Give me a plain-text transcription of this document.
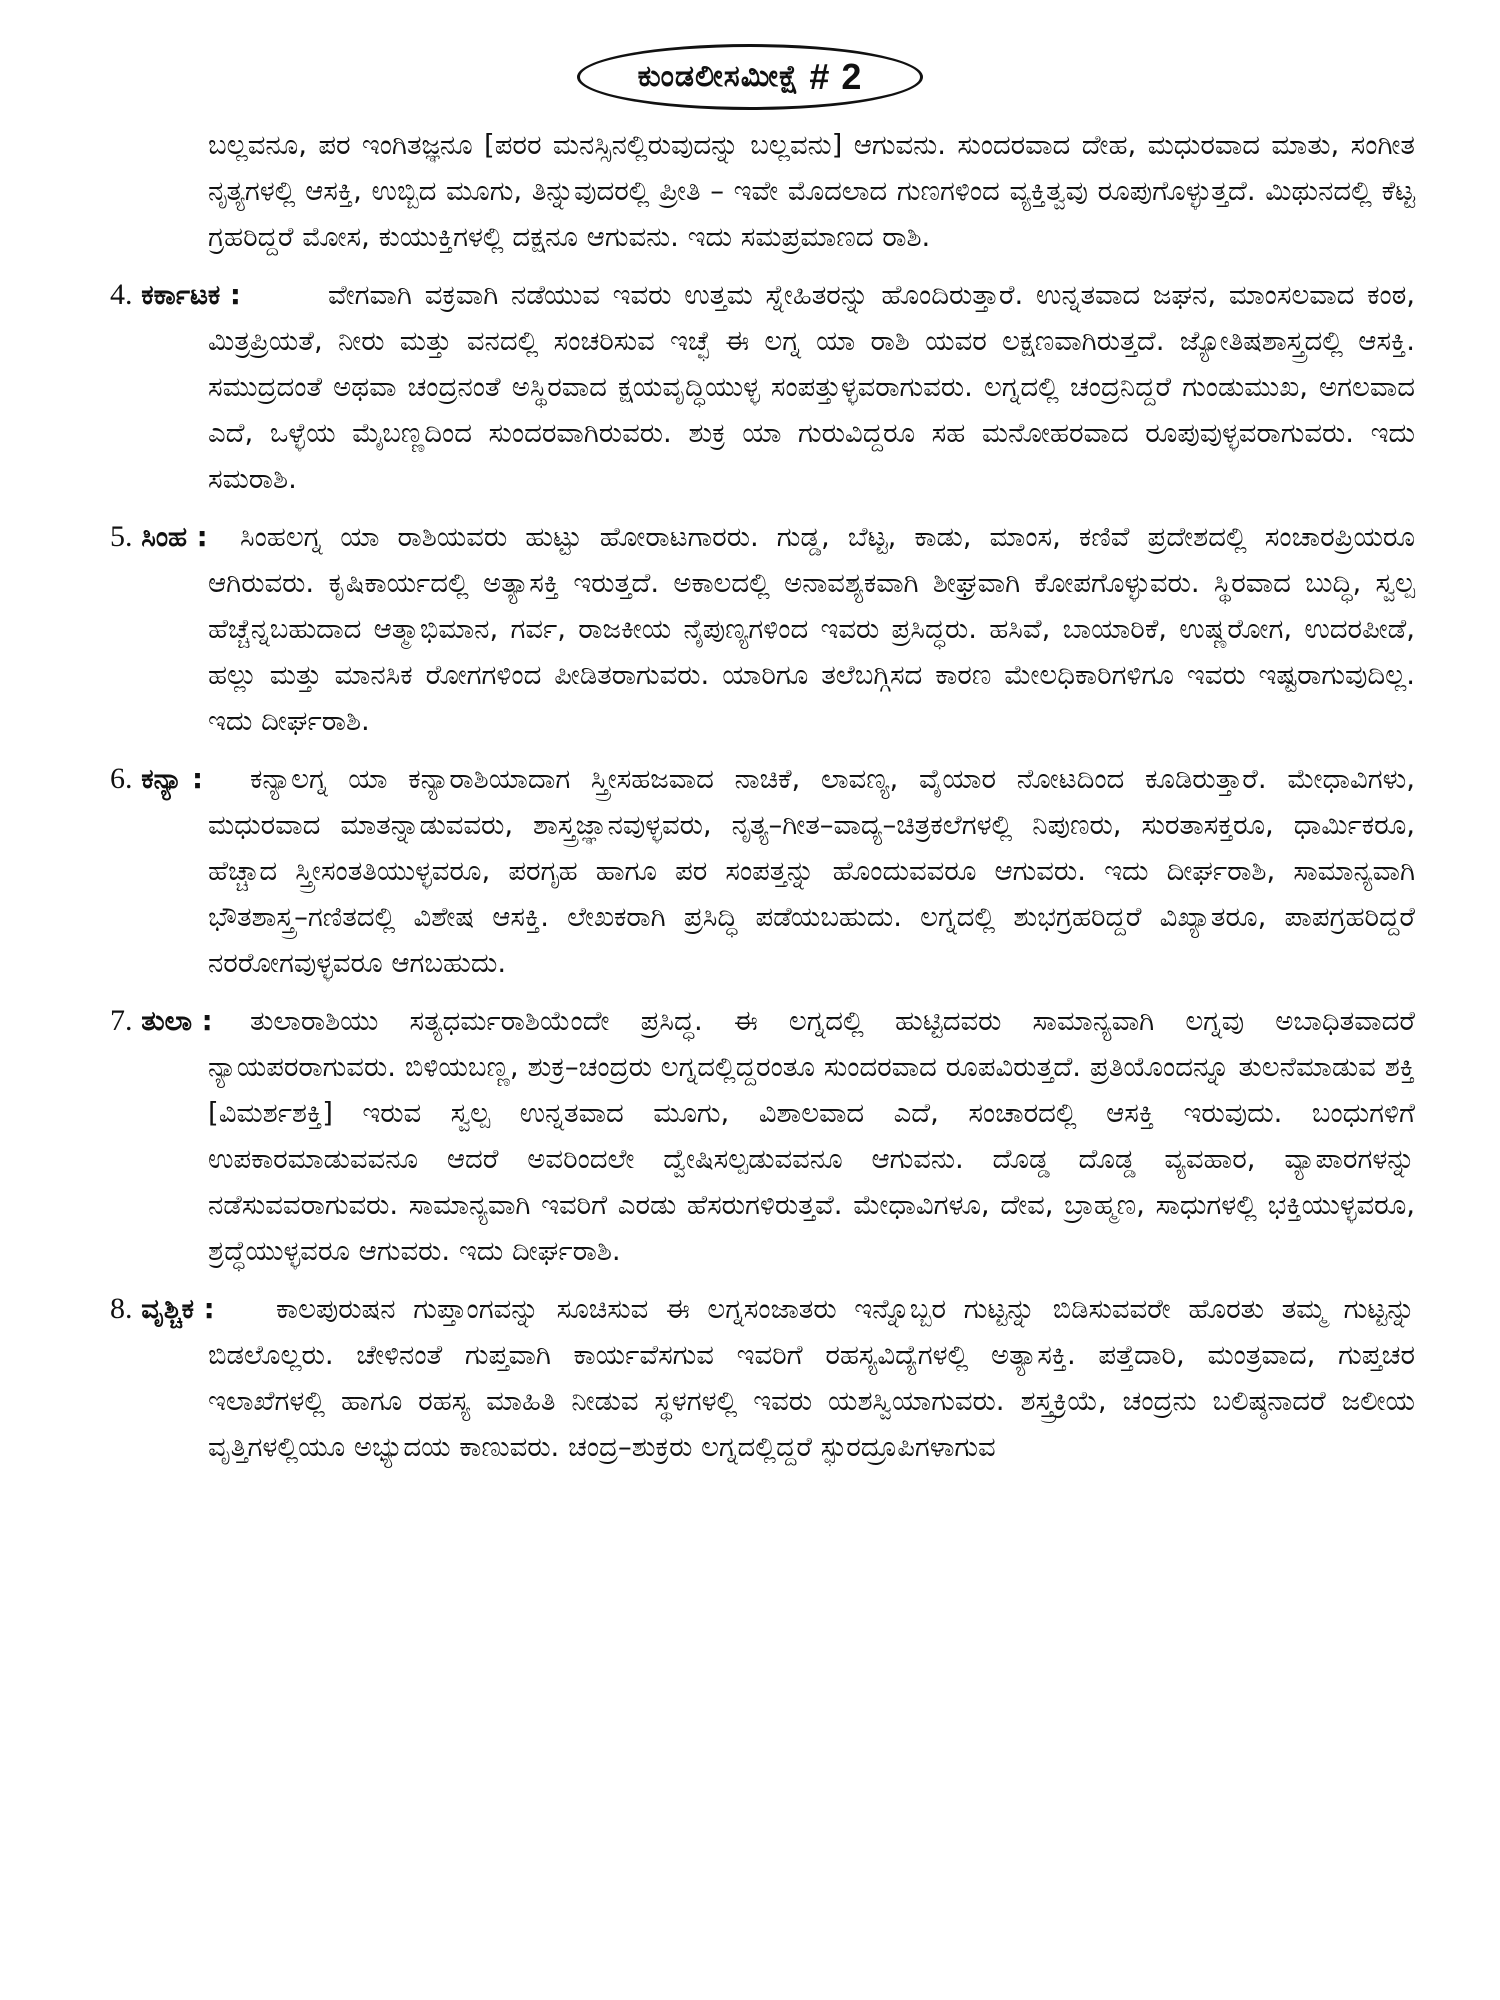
ಕುಂಡಲೀಸಮೀಕ್ಷೆ # 2

ಬಲ್ಲವನೂ, ಪರ ಇಂಗಿತಜ್ಞನೂ [ಪರರ ಮನಸ್ಸಿನಲ್ಲಿರುವುದನ್ನು ಬಲ್ಲವನು] ಆಗುವನು. ಸುಂದರವಾದ ದೇಹ, ಮಧುರವಾದ ಮಾತು, ಸಂಗೀತ ನೃತ್ಯಗಳಲ್ಲಿ ಆಸಕ್ತಿ, ಉಬ್ಬಿದ ಮೂಗು, ತಿನ್ನುವುದರಲ್ಲಿ ಪ್ರೀತಿ – ಇವೇ ಮೊದಲಾದ ಗುಣಗಳಿಂದ ವ್ಯಕ್ತಿತ್ವವು ರೂಪುಗೊಳ್ಳುತ್ತದೆ. ಮಿಥುನದಲ್ಲಿ ಕೆಟ್ಟ ಗ್ರಹರಿದ್ದರೆ ಮೋಸ, ಕುಯುಕ್ತಿಗಳಲ್ಲಿ ದಕ್ಷನೂ ಆಗುವನು. ಇದು ಸಮಪ್ರಮಾಣದ ರಾಶಿ.

4. ಕರ್ಕಾಟಕ :	ವೇಗವಾಗಿ ವಕ್ರವಾಗಿ ನಡೆಯುವ ಇವರು ಉತ್ತಮ ಸ್ನೇಹಿತರನ್ನು ಹೊಂದಿರುತ್ತಾರೆ. ಉನ್ನತವಾದ ಜಘನ, ಮಾಂಸಲವಾದ ಕಂಠ, ಮಿತ್ರಪ್ರಿಯತೆ, ನೀರು ಮತ್ತು ವನದಲ್ಲಿ ಸಂಚರಿಸುವ ಇಚ್ಛೆ ಈ ಲಗ್ನ ಯಾ ರಾಶಿ ಯವರ ಲಕ್ಷಣವಾಗಿರುತ್ತದೆ. ಜ್ಯೋತಿಷಶಾಸ್ತ್ರದಲ್ಲಿ ಆಸಕ್ತಿ. ಸಮುದ್ರದಂತೆ ಅಥವಾ ಚಂದ್ರನಂತೆ ಅಸ್ಥಿರವಾದ ಕ್ಷಯವೃದ್ಧಿಯುಳ್ಳ ಸಂಪತ್ತುಳ್ಳವರಾಗುವರು. ಲಗ್ನದಲ್ಲಿ ಚಂದ್ರನಿದ್ದರೆ ಗುಂಡುಮುಖ, ಅಗಲವಾದ ಎದೆ, ಒಳ್ಳೆಯ ಮೈಬಣ್ಣದಿಂದ ಸುಂದರವಾಗಿರುವರು. ಶುಕ್ರ ಯಾ ಗುರುವಿದ್ದರೂ ಸಹ ಮನೋಹರವಾದ ರೂಪುವುಳ್ಳವರಾಗುವರು. ಇದು ಸಮರಾಶಿ.
5. ಸಿಂಹ :	ಸಿಂಹಲಗ್ನ ಯಾ ರಾಶಿಯವರು ಹುಟ್ಟು ಹೋರಾಟಗಾರರು. ಗುಡ್ಡ, ಬೆಟ್ಟ, ಕಾಡು, ಮಾಂಸ, ಕಣಿವೆ ಪ್ರದೇಶದಲ್ಲಿ ಸಂಚಾರಪ್ರಿಯರೂ ಆಗಿರುವರು. ಕೃಷಿಕಾರ್ಯದಲ್ಲಿ ಅತ್ಯಾಸಕ್ತಿ ಇರುತ್ತದೆ. ಅಕಾಲದಲ್ಲಿ ಅನಾವಶ್ಯಕವಾಗಿ ಶೀಘ್ರವಾಗಿ ಕೋಪಗೊಳ್ಳುವರು. ಸ್ಥಿರವಾದ ಬುದ್ಧಿ, ಸ್ವಲ್ಪ ಹೆಚ್ಚೆನ್ನಬಹುದಾದ ಆತ್ಮಾಭಿಮಾನ, ಗರ್ವ, ರಾಜಕೀಯ ನೈಪುಣ್ಯಗಳಿಂದ ಇವರು ಪ್ರಸಿದ್ಧರು. ಹಸಿವೆ, ಬಾಯಾರಿಕೆ, ಉಷ್ಣರೋಗ, ಉದರಪೀಡೆ, ಹಲ್ಲು ಮತ್ತು ಮಾನಸಿಕ ರೋಗಗಳಿಂದ ಪೀಡಿತರಾಗುವರು. ಯಾರಿಗೂ ತಲೆಬಗ್ಗಿಸದ ಕಾರಣ ಮೇಲಧಿಕಾರಿಗಳಿಗೂ ಇವರು ಇಷ್ಟರಾಗುವುದಿಲ್ಲ. ಇದು ದೀರ್ಘರಾಶಿ.
6. ಕನ್ಯಾ :	ಕನ್ಯಾಲಗ್ನ ಯಾ ಕನ್ಯಾರಾಶಿಯಾದಾಗ ಸ್ತ್ರೀಸಹಜವಾದ ನಾಚಿಕೆ, ಲಾವಣ್ಯ, ವೈಯಾರ ನೋಟದಿಂದ ಕೂಡಿರುತ್ತಾರೆ. ಮೇಧಾವಿಗಳು, ಮಧುರವಾದ ಮಾತನ್ನಾಡುವವರು, ಶಾಸ್ತ್ರಜ್ಞಾನವುಳ್ಳವರು, ನೃತ್ಯ–ಗೀತ–ವಾದ್ಯ–ಚಿತ್ರಕಲೆಗಳಲ್ಲಿ ನಿಪುಣರು, ಸುರತಾಸಕ್ತರೂ, ಧಾರ್ಮಿಕರೂ, ಹೆಚ್ಚಾದ ಸ್ತ್ರೀಸಂತತಿಯುಳ್ಳವರೂ, ಪರಗೃಹ ಹಾಗೂ ಪರ ಸಂಪತ್ತನ್ನು ಹೊಂದುವವರೂ ಆಗುವರು. ಇದು ದೀರ್ಘರಾಶಿ, ಸಾಮಾನ್ಯವಾಗಿ ಭೌತಶಾಸ್ತ್ರ–ಗಣಿತದಲ್ಲಿ ವಿಶೇಷ ಆಸಕ್ತಿ. ಲೇಖಕರಾಗಿ ಪ್ರಸಿದ್ಧಿ ಪಡೆಯಬಹುದು. ಲಗ್ನದಲ್ಲಿ ಶುಭಗ್ರಹರಿದ್ದರೆ ವಿಖ್ಯಾತರೂ, ಪಾಪಗ್ರಹರಿದ್ದರೆ ನರರೋಗವುಳ್ಳವರೂ ಆಗಬಹುದು.
7. ತುಲಾ :	ತುಲಾರಾಶಿಯು ಸತ್ಯಧರ್ಮರಾಶಿಯೆಂದೇ ಪ್ರಸಿದ್ಧ. ಈ ಲಗ್ನದಲ್ಲಿ ಹುಟ್ಟಿದವರು ಸಾಮಾನ್ಯವಾಗಿ ಲಗ್ನವು ಅಬಾಧಿತವಾದರೆ ನ್ಯಾಯಪರರಾಗುವರು. ಬಿಳಿಯಬಣ್ಣ, ಶುಕ್ರ–ಚಂದ್ರರು ಲಗ್ನದಲ್ಲಿದ್ದರಂತೂ ಸುಂದರವಾದ ರೂಪವಿರುತ್ತದೆ. ಪ್ರತಿಯೊಂದನ್ನೂ ತುಲನೆಮಾಡುವ ಶಕ್ತಿ [ವಿಮರ್ಶಶಕ್ತಿ] ಇರುವ ಸ್ವಲ್ಪ ಉನ್ನತವಾದ ಮೂಗು, ವಿಶಾಲವಾದ ಎದೆ, ಸಂಚಾರದಲ್ಲಿ ಆಸಕ್ತಿ ಇರುವುದು. ಬಂಧುಗಳಿಗೆ ಉಪಕಾರಮಾಡುವವನೂ ಆದರೆ ಅವರಿಂದಲೇ ದ್ವೇಷಿಸಲ್ಪಡುವವನೂ ಆಗುವನು. ದೊಡ್ಡ ದೊಡ್ಡ ವ್ಯವಹಾರ, ವ್ಯಾಪಾರಗಳನ್ನು ನಡೆಸುವವರಾಗುವರು. ಸಾಮಾನ್ಯವಾಗಿ ಇವರಿಗೆ ಎರಡು ಹೆಸರುಗಳಿರುತ್ತವೆ. ಮೇಧಾವಿಗಳೂ, ದೇವ, ಬ್ರಾಹ್ಮಣ, ಸಾಧುಗಳಲ್ಲಿ ಭಕ್ತಿಯುಳ್ಳವರೂ, ಶ್ರದ್ಧೆಯುಳ್ಳವರೂ ಆಗುವರು. ಇದು ದೀರ್ಘರಾಶಿ.
8. ವೃಶ್ಚಿಕ :	ಕಾಲಪುರುಷನ ಗುಪ್ತಾಂಗವನ್ನು ಸೂಚಿಸುವ ಈ ಲಗ್ನಸಂಜಾತರು ಇನ್ನೊಬ್ಬರ ಗುಟ್ಟನ್ನು ಬಿಡಿಸುವವರೇ ಹೊರತು ತಮ್ಮ ಗುಟ್ಟನ್ನು ಬಿಡಲೊಲ್ಲರು. ಚೇಳಿನಂತೆ ಗುಪ್ತವಾಗಿ ಕಾರ್ಯವೆಸಗುವ ಇವರಿಗೆ ರಹಸ್ಯವಿದ್ಯೆಗಳಲ್ಲಿ ಅತ್ಯಾಸಕ್ತಿ. ಪತ್ತೆದಾರಿ, ಮಂತ್ರವಾದ, ಗುಪ್ತಚರ ಇಲಾಖೆಗಳಲ್ಲಿ ಹಾಗೂ ರಹಸ್ಯ ಮಾಹಿತಿ ನೀಡುವ ಸ್ಥಳಗಳಲ್ಲಿ ಇವರು ಯಶಸ್ವಿಯಾಗುವರು. ಶಸ್ತ್ರಕ್ರಿಯೆ, ಚಂದ್ರನು ಬಲಿಷ್ಠನಾದರೆ ಜಲೀಯ ವೃತ್ತಿಗಳಲ್ಲಿಯೂ ಅಭ್ಯುದಯ ಕಾಣುವರು. ಚಂದ್ರ–ಶುಕ್ರರು ಲಗ್ನದಲ್ಲಿದ್ದರೆ ಸ್ಫುರದ್ರೂಪಿಗಳಾಗುವ
